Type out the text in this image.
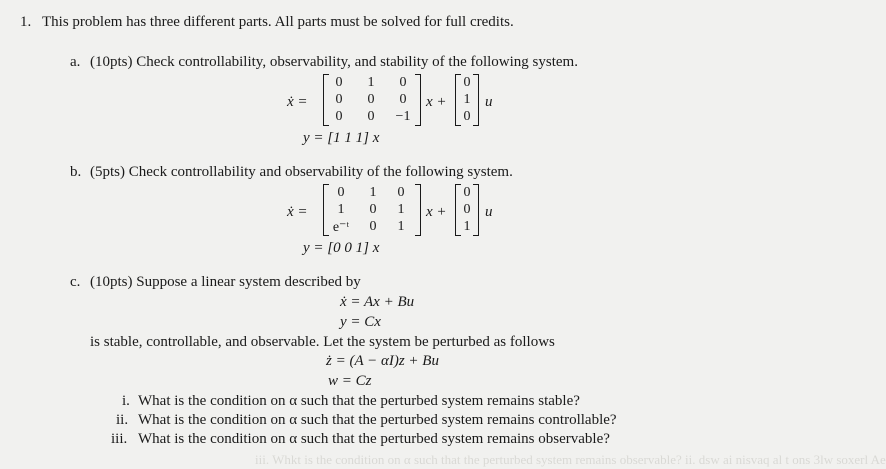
iii. Whkt is the condition on α such that the perturbed system remains observable? ii. dsw ai nisvaq al t ons 3lw soxerl Ae
1. This problem has three different parts. All parts must be solved for full credits.
a. (10pts) Check controllability, observability, and stability of the following system.
ẋ =
0	1	0
0	0	0
0	0	−1
x +
0
1
0
u
y = [1 1 1] x
b. (5pts) Check controllability and observability of the following system.
ẋ =
0	1	0
1	0	1
e⁻ᵗ	0	1
x +
0
0
1
u
y = [0 0 1] x
c. (10pts) Suppose a linear system described by
ẋ = Ax + Bu
y = Cx
is stable, controllable, and observable. Let the system be perturbed as follows
ż = (A − αI)z + Bu
w = Cz
i. What is the condition on α such that the perturbed system remains stable?
ii. What is the condition on α such that the perturbed system remains controllable?
iii. What is the condition on α such that the perturbed system remains observable?
